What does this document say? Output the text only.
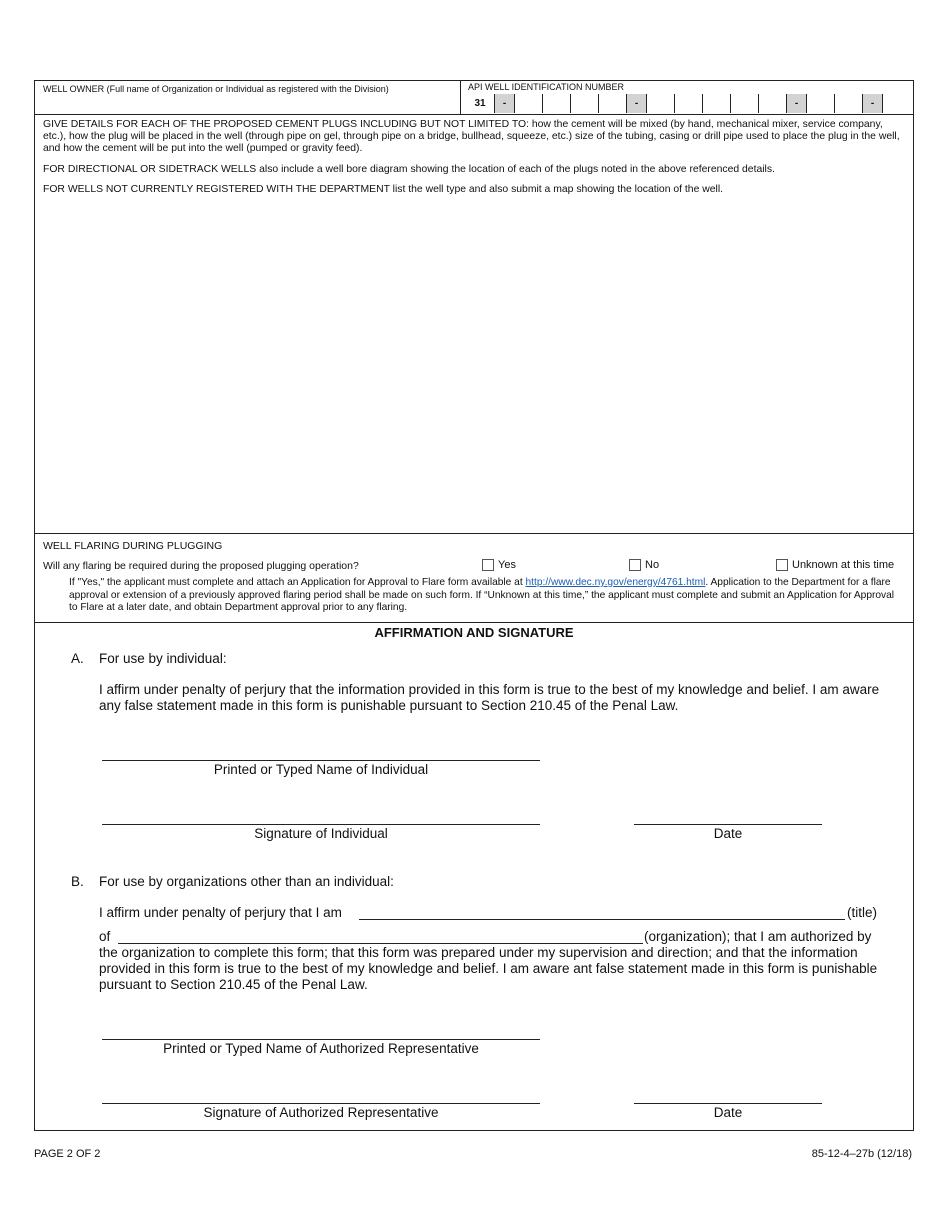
WELL OWNER (Full name of Organization or Individual as registered with the Division)	API WELL IDENTIFICATION NUMBER
31	-	-	-	-

GIVE DETAILS FOR EACH OF THE PROPOSED CEMENT PLUGS INCLUDING BUT NOT LIMITED TO: how the cement will be mixed (by hand, mechanical mixer, service company, etc.), how the plug will be placed in the well (through pipe on gel, through pipe on a bridge, bullhead, squeeze, etc.) size of the tubing, casing or drill pipe used to place the plug in the well, and how the cement will be put into the well (pumped or gravity feed).

FOR DIRECTIONAL OR SIDETRACK WELLS also include a well bore diagram showing the location of each of the plugs noted in the above referenced details.

FOR WELLS NOT CURRENTLY REGISTERED WITH THE DEPARTMENT list the well type and also submit a map showing the location of the well.

WELL FLARING DURING PLUGGING
Will any flaring be required during the proposed plugging operation?	Yes	No	Unknown at this time
If "Yes," the applicant must complete and attach an Application for Approval to Flare form available at http://www.dec.ny.gov/energy/4761.html. Application to the Department for a flare approval or extension of a previously approved flaring period shall be made on such form. If “Unknown at this time,” the applicant must complete and submit an Application for Approval to Flare at a later date, and obtain Department approval prior to any flaring.
AFFIRMATION AND SIGNATURE
A. For use by individual:
I affirm under penalty of perjury that the information provided in this form is true to the best of my knowledge and belief. I am aware any false statement made in this form is punishable pursuant to Section 210.45 of the Penal Law.
Printed or Typed Name of Individual
Signature of Individual	Date
B. For use by organizations other than an individual:
I affirm under penalty of perjury that I am	(title)
of	(organization); that I am authorized by
the organization to complete this form; that this form was prepared under my supervision and direction; and that the information provided in this form is true to the best of my knowledge and belief. I am aware ant false statement made in this form is punishable pursuant to Section 210.45 of the Penal Law.
Printed or Typed Name of Authorized Representative
Signature of Authorized Representative	Date
PAGE 2 OF 2	85-12-4–27b (12/18)
